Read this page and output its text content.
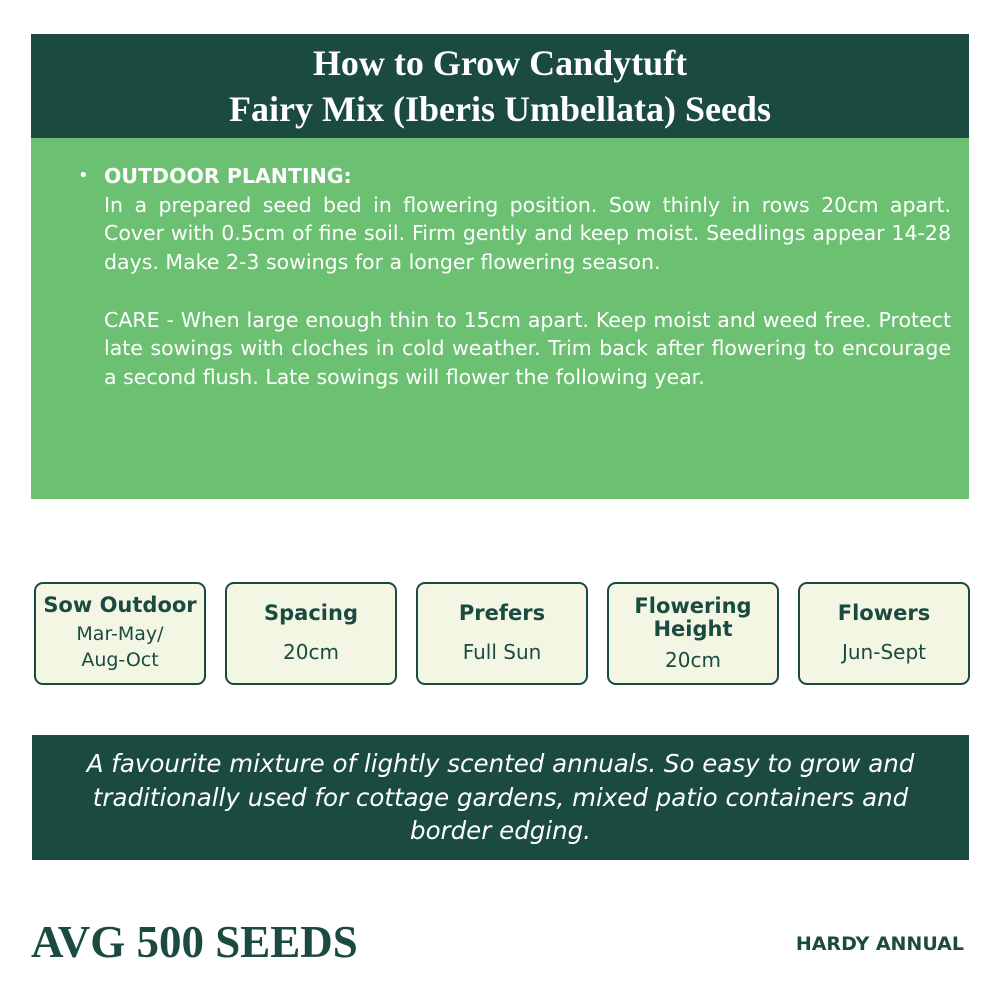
How to Grow Candytuft
Fairy Mix (Iberis Umbellata) Seeds
• OUTDOOR PLANTING:

In a prepared seed bed in flowering position. Sow thinly in rows 20cm apart. Cover with 0.5cm of fine soil. Firm gently and keep moist. Seedlings appear 14-28 days. Make 2-3 sowings for a longer flowering season.

CARE - When large enough thin to 15cm apart. Keep moist and weed free. Protect late sowings with cloches in cold weather. Trim back after flowering to encourage a second flush. Late sowings will flower the following year.

Sow Outdoor
Mar-May/ Aug-Oct
Spacing
20cm
Prefers
Full Sun
Flowering Height
20cm
Flowers
Jun-Sept
A favourite mixture of lightly scented annuals. So easy to grow and traditionally used for cottage gardens, mixed patio containers and border edging.
AVG 500 SEEDS	HARDY ANNUAL
